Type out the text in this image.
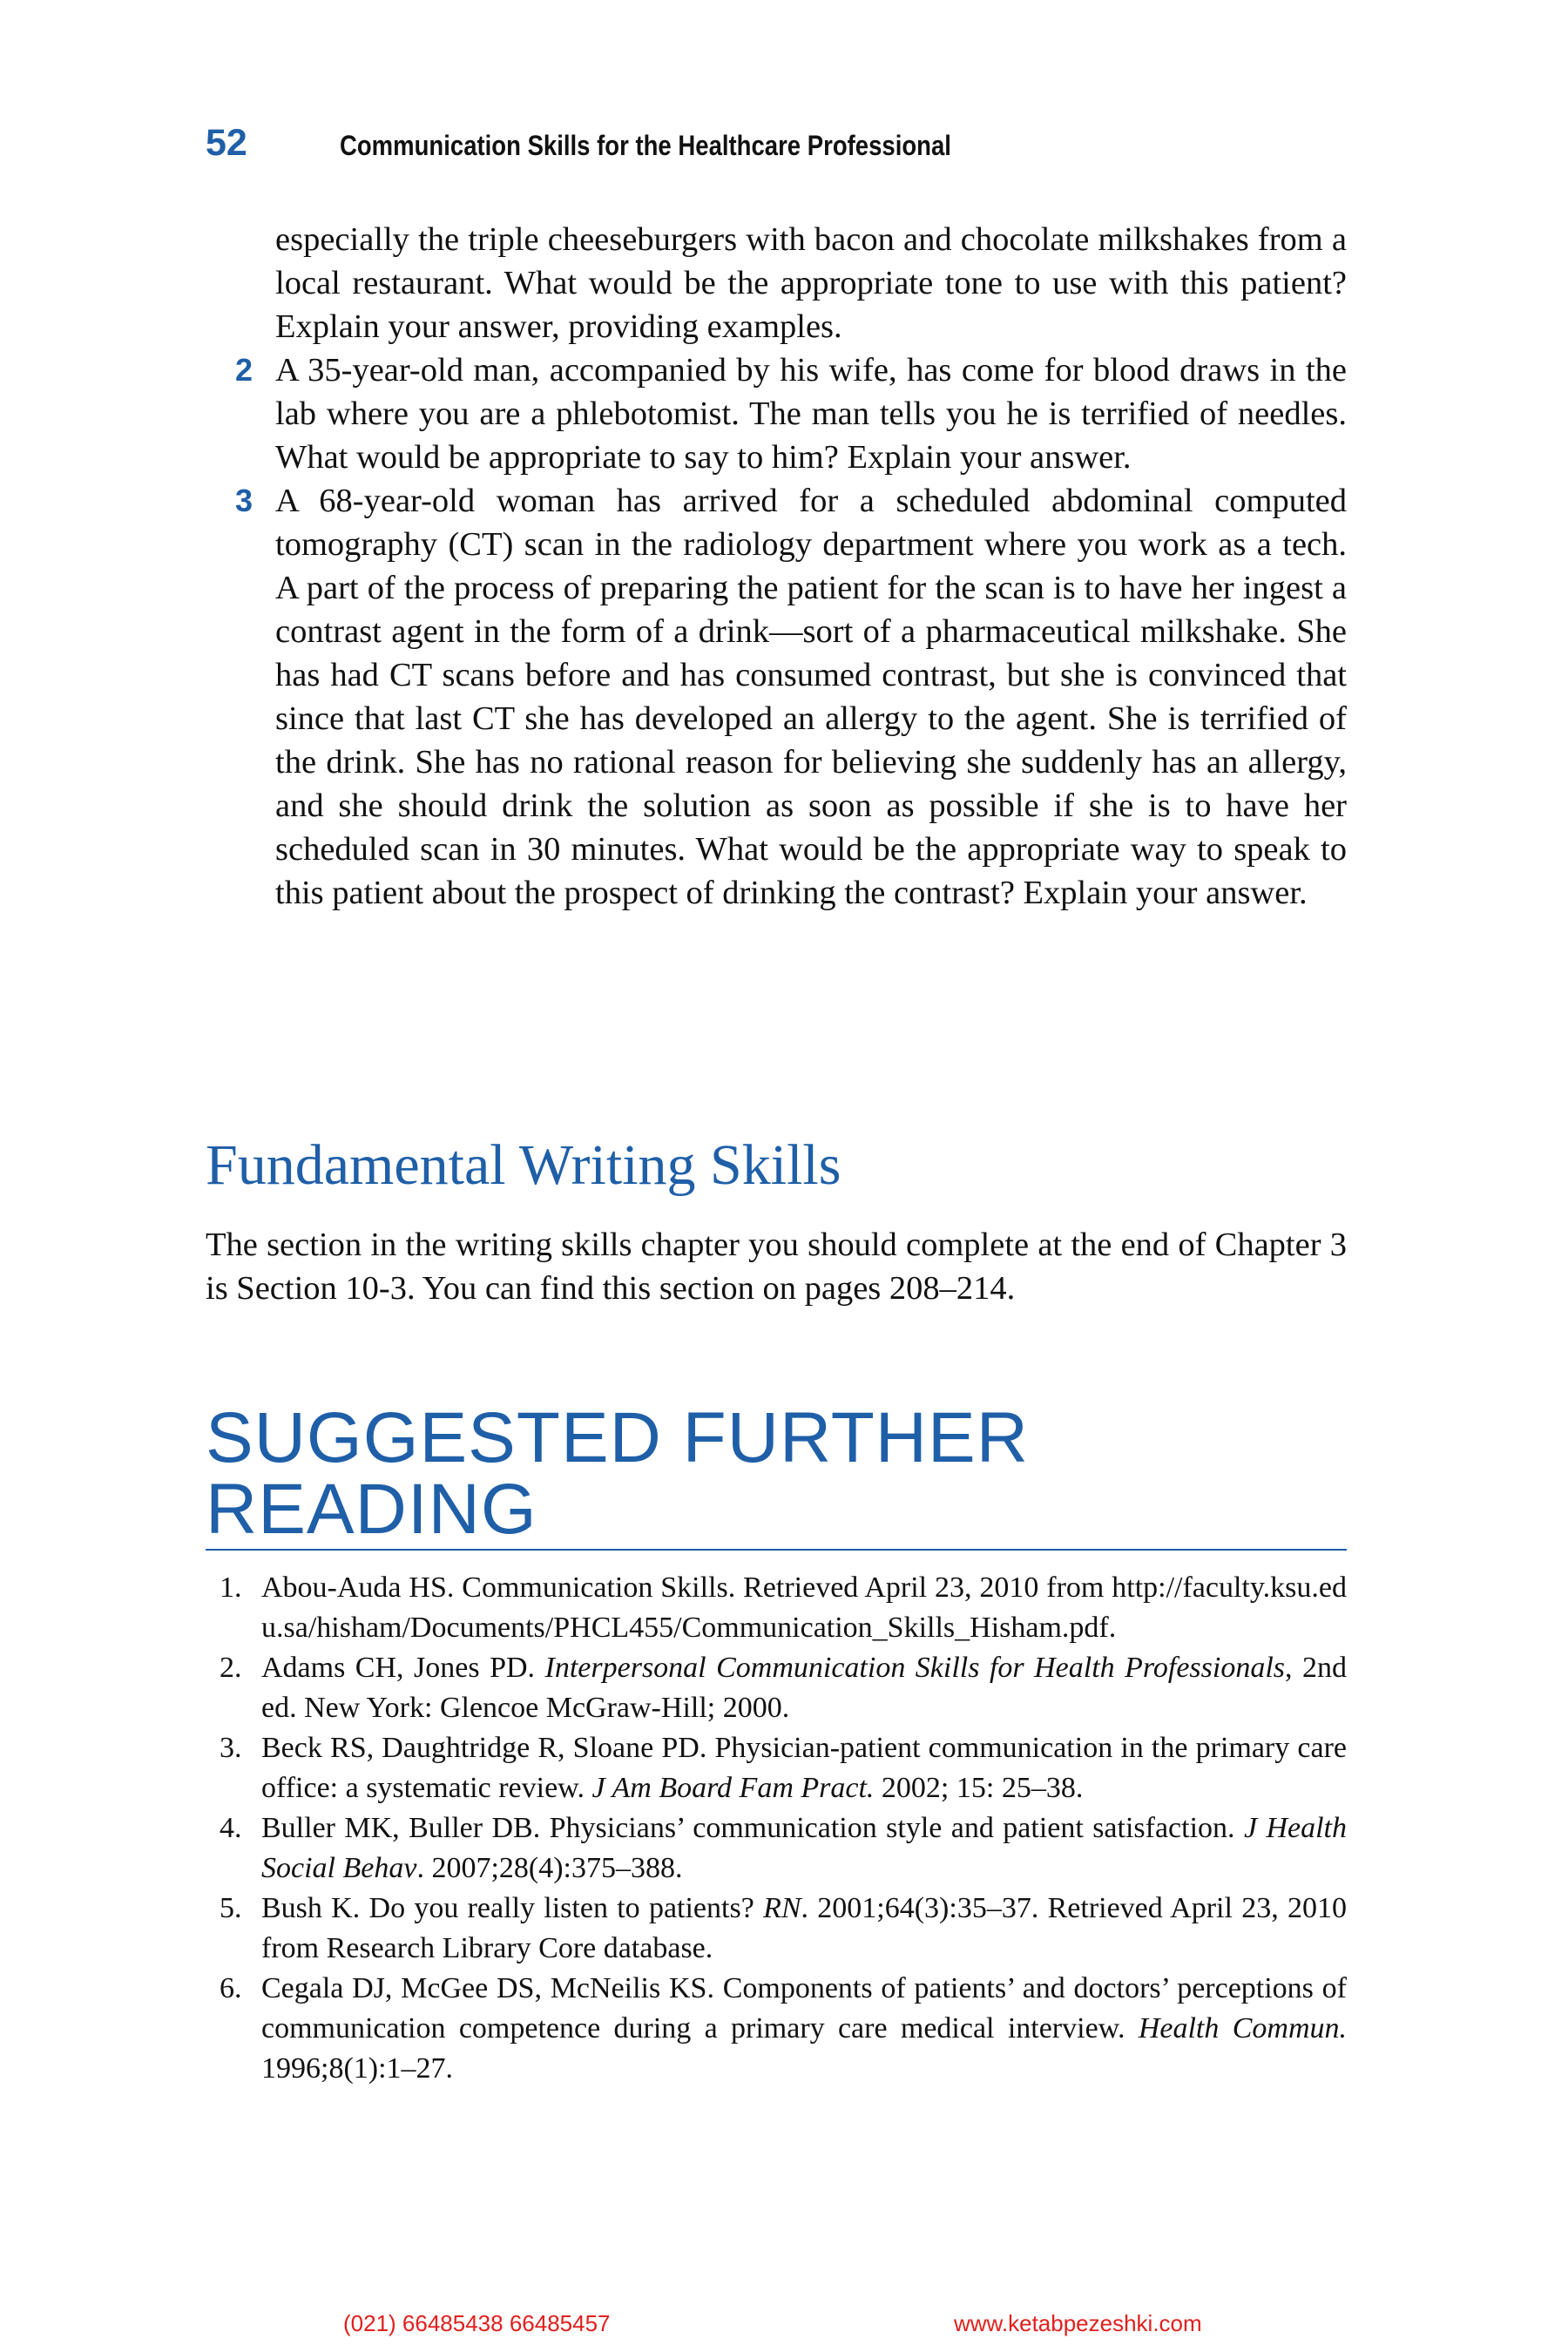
52	Communication Skills for the Healthcare Professional
especially the triple cheeseburgers with bacon and chocolate milkshakes from a local restaurant. What would be the appropriate tone to use with this patient? Explain your answer, providing examples.
2 A 35-year-old man, accompanied by his wife, has come for blood draws in the lab where you are a phlebotomist. The man tells you he is terrified of needles. What would be appropriate to say to him? Explain your answer.
3 A 68-year-old woman has arrived for a scheduled abdominal computed tomography (CT) scan in the radiology department where you work as a tech. A part of the process of preparing the patient for the scan is to have her ingest a contrast agent in the form of a drink—sort of a pharmaceutical milkshake. She has had CT scans before and has consumed contrast, but she is convinced that since that last CT she has developed an allergy to the agent. She is terrified of the drink. She has no rational reason for believing she suddenly has an allergy, and she should drink the solution as soon as possible if she is to have her scheduled scan in 30 minutes. What would be the appropriate way to speak to this patient about the prospect of drinking the contrast? Explain your answer.
Fundamental Writing Skills
The section in the writing skills chapter you should complete at the end of Chapter 3 is Section 10-3. You can find this section on pages 208–214.
SUGGESTED FURTHER
READING
1. Abou-Auda HS. Communication Skills. Retrieved April 23, 2010 from http://faculty.ksu.edu.sa/hisham/Documents/PHCL455/Communication_Skills_Hisham.pdf.
2. Adams CH, Jones PD. Interpersonal Communication Skills for Health Professionals, 2nd ed. New York: Glencoe McGraw-Hill; 2000.
3. Beck RS, Daughtridge R, Sloane PD. Physician-patient communication in the primary care office: a systematic review. J Am Board Fam Pract. 2002; 15: 25–38.
4. Buller MK, Buller DB. Physicians’ communication style and patient satisfaction. J Health Social Behav. 2007;28(4):375–388.
5. Bush K. Do you really listen to patients? RN. 2001;64(3):35–37. Retrieved April 23, 2010 from Research Library Core database.
6. Cegala DJ, McGee DS, McNeilis KS. Components of patients’ and doctors’ perceptions of communication competence during a primary care medical interview. Health Commun. 1996;8(1):1–27.
(021) 66485438 66485457	www.ketabpezeshki.com
